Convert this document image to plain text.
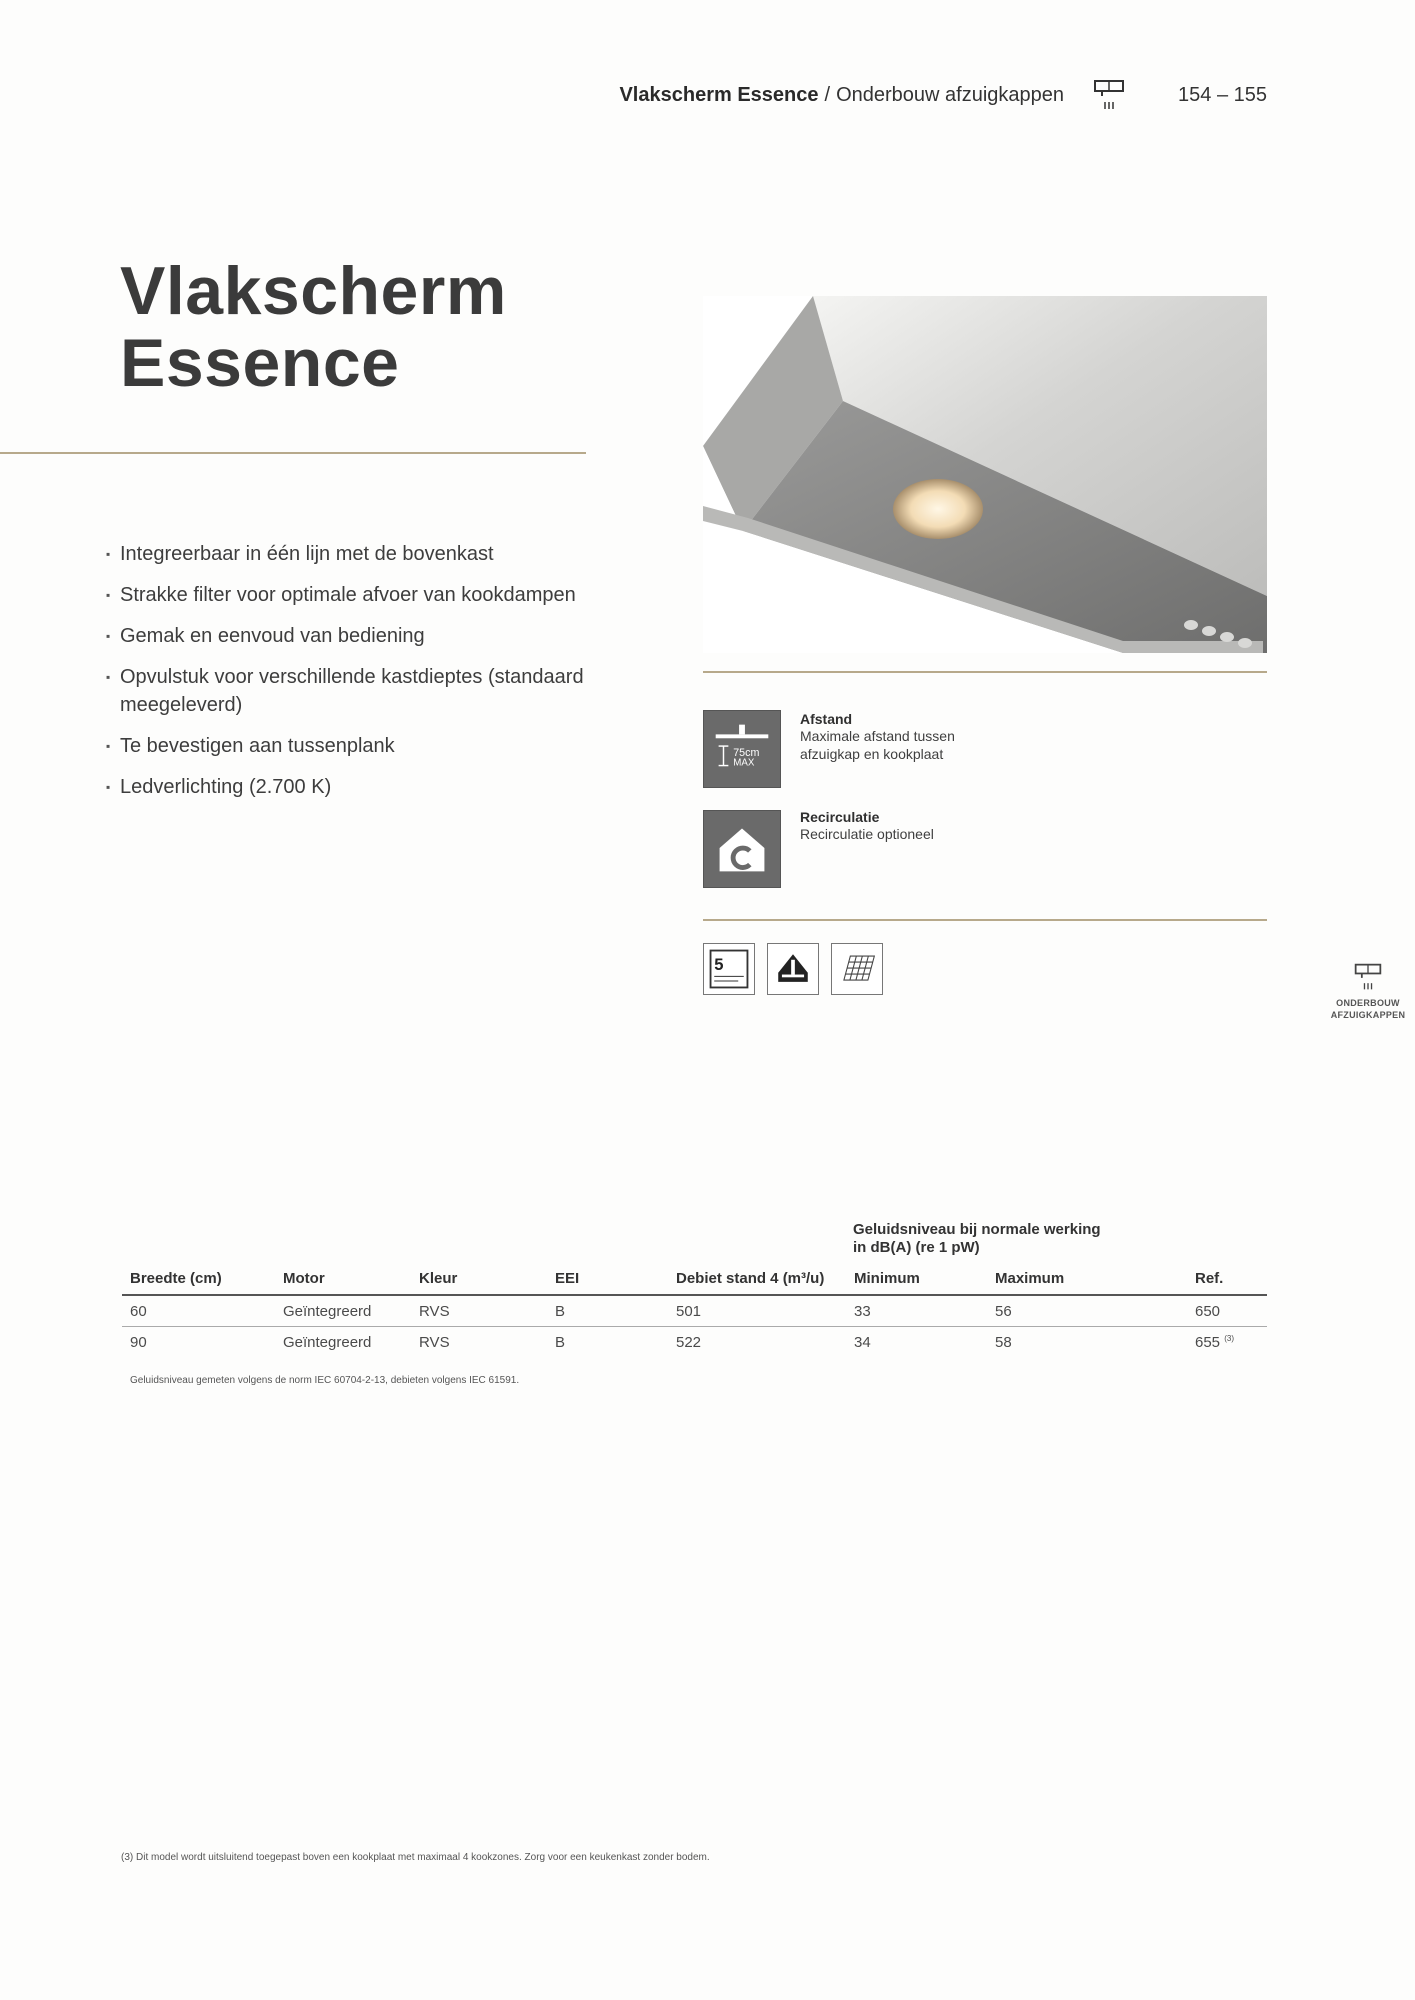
Vlakscherm Essence / Onderbouw afzuigkappen	154 – 155
Vlakscherm
Essence
▪ Integreerbaar in één lijn met de bovenkast
▪ Strakke filter voor optimale afvoer van kookdampen
▪ Gemak en eenvoud van bediening
▪ Opvulstuk voor verschillende kastdieptes (standaard meegeleverd)
▪ Te bevestigen aan tussenplank
▪ Ledverlichting (2.700 K)
75cm
MAX
Afstand
Maximale afstand tussen
afzuigkap en kookplaat
Recirculatie
Recirculatie optioneel
5
ONDERBOUW
AFZUIGKAPPEN
Geluidsniveau bij normale werking
in dB(A) (re 1 pW)
Breedte (cm)	Motor	Kleur	EEI	Debiet stand 4 (m³/u)	Minimum	Maximum	Ref.
60	Geïntegreerd	RVS	B	501	33	56	650
90	Geïntegreerd	RVS	B	522	34	58	655 $^{(3)}$
Geluidsniveau gemeten volgens de norm IEC 60704-2-13, debieten volgens IEC 61591.
(3) Dit model wordt uitsluitend toegepast boven een kookplaat met maximaal 4 kookzones. Zorg voor een keukenkast zonder bodem.
